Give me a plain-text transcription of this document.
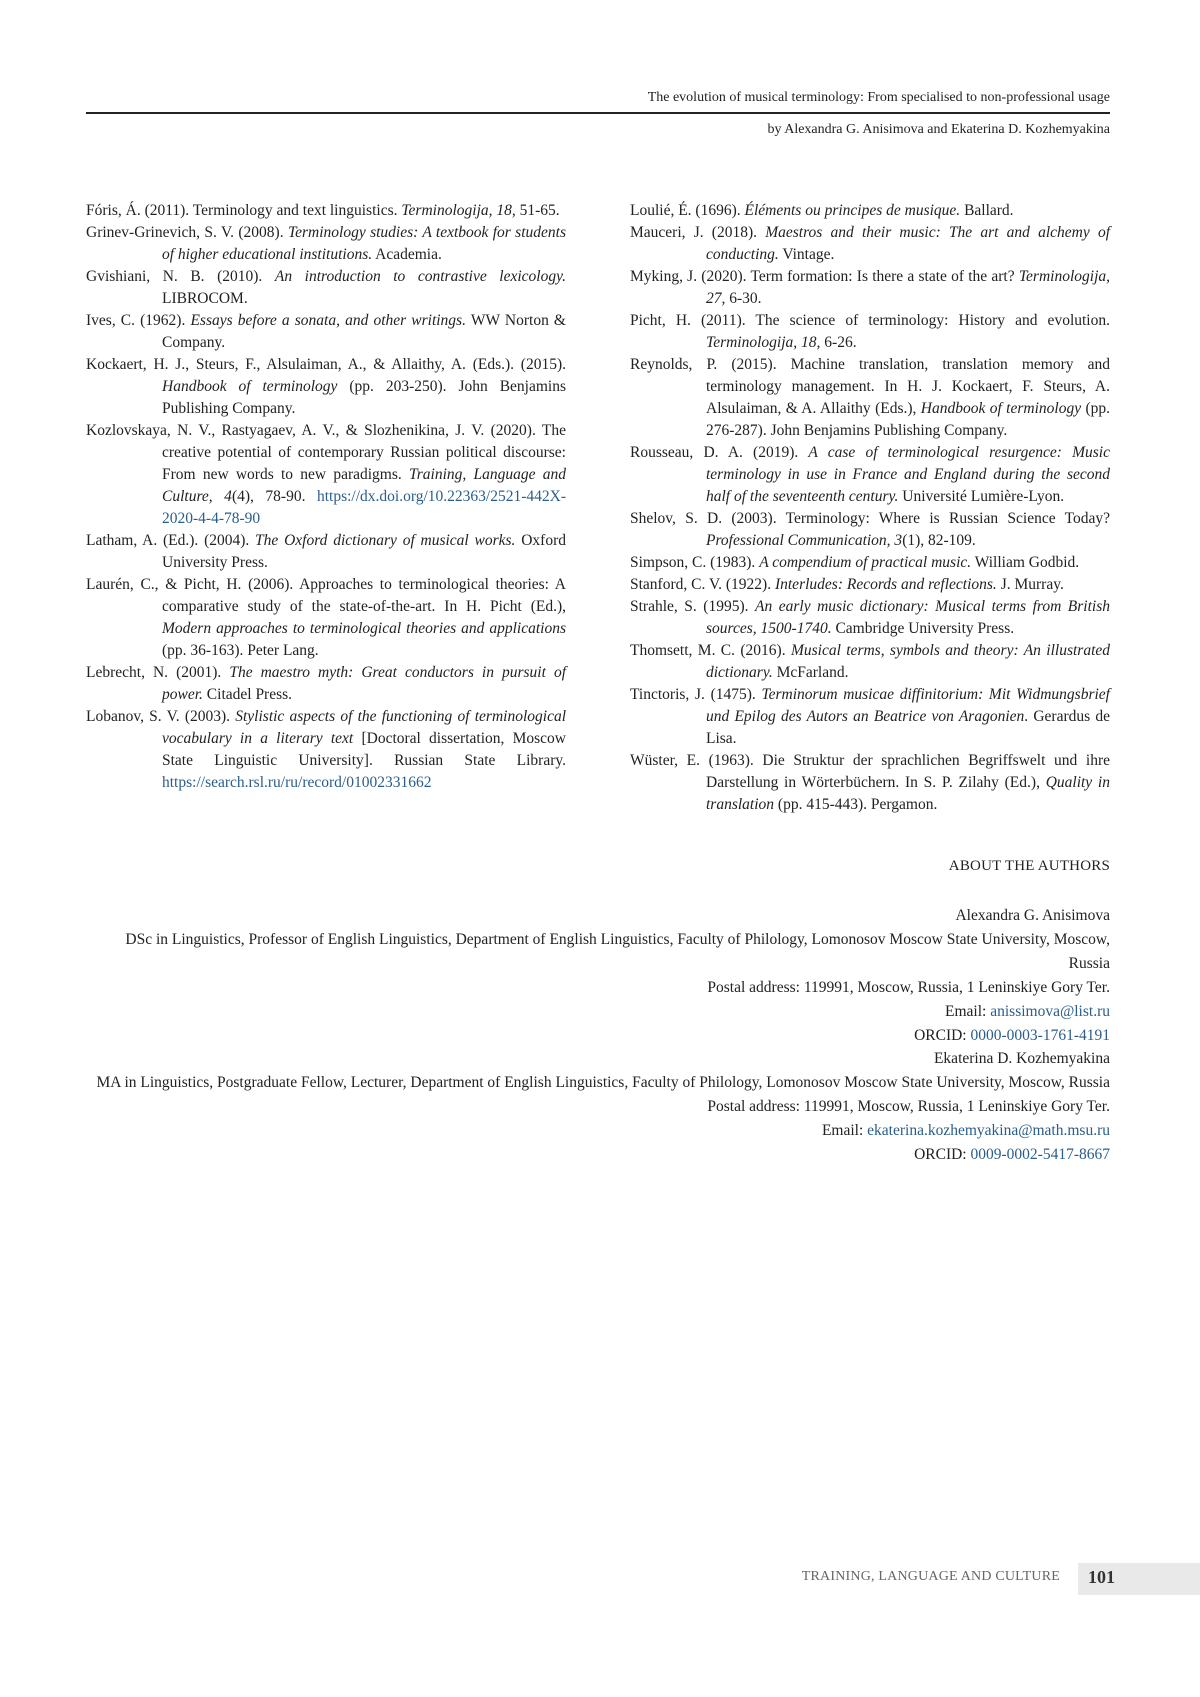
The evolution of musical terminology: From specialised to non-professional usage
by Alexandra G. Anisimova and Ekaterina D. Kozhemyakina

Fóris, Á. (2011). Terminology and text linguistics. Terminologija, 18, 51-65.

Grinev-Grinevich, S. V. (2008). Terminology studies: A textbook for students of higher educational institutions. Academia.

Gvishiani, N. B. (2010). An introduction to contrastive lexicology. LIBROCOM.

Ives, C. (1962). Essays before a sonata, and other writings. WW Norton & Company.

Kockaert, H. J., Steurs, F., Alsulaiman, A., & Allaithy, A. (Eds.). (2015). Handbook of terminology (pp. 203-250). John Benjamins Publishing Company.

Kozlovskaya, N. V., Rastyagaev, A. V., & Slozhenikina, J. V. (2020). The creative potential of contemporary Russian political discourse: From new words to new paradigms. Training, Language and Culture, 4(4), 78-90. https://dx.doi.org/10.22363/2521-442X-2020-4-4-78-90

Latham, A. (Ed.). (2004). The Oxford dictionary of musical works. Oxford University Press.

Laurén, C., & Picht, H. (2006). Approaches to terminological theories: A comparative study of the state-of-the-art. In H. Picht (Ed.), Modern approaches to terminological theories and applications (pp. 36-163). Peter Lang.

Lebrecht, N. (2001). The maestro myth: Great conductors in pursuit of power. Citadel Press.

Lobanov, S. V. (2003). Stylistic aspects of the functioning of terminological vocabulary in a literary text [Doctoral dissertation, Moscow State Linguistic University]. Russian State Library. https://search.rsl.ru/ru/record/01002331662

Loulié, É. (1696). Éléments ou principes de musique. Ballard.

Mauceri, J. (2018). Maestros and their music: The art and alchemy of conducting. Vintage.

Myking, J. (2020). Term formation: Is there a state of the art? Terminologija, 27, 6-30.

Picht, H. (2011). The science of terminology: History and evolution. Terminologija, 18, 6-26.

Reynolds, P. (2015). Machine translation, translation memory and terminology management. In H. J. Kockaert, F. Steurs, A. Alsulaiman, & A. Allaithy (Eds.), Handbook of terminology (pp. 276-287). John Benjamins Publishing Company.

Rousseau, D. A. (2019). A case of terminological resurgence: Music terminology in use in France and England during the second half of the seventeenth century. Université Lumière-Lyon.

Shelov, S. D. (2003). Terminology: Where is Russian Science Today? Professional Communication, 3(1), 82-109.

Simpson, C. (1983). A compendium of practical music. William Godbid.

Stanford, C. V. (1922). Interludes: Records and reflections. J. Murray.

Strahle, S. (1995). An early music dictionary: Musical terms from British sources, 1500-1740. Cambridge University Press.

Thomsett, M. C. (2016). Musical terms, symbols and theory: An illustrated dictionary. McFarland.

Tinctoris, J. (1475). Terminorum musicae diffinitorium: Mit Widmungsbrief und Epilog des Autors an Beatrice von Aragonien. Gerardus de Lisa.

Wüster, E. (1963). Die Struktur der sprachlichen Begriffswelt und ihre Darstellung in Wörterbüchern. In S. P. Zilahy (Ed.), Quality in translation (pp. 415-443). Pergamon.

ABOUT THE AUTHORS
Alexandra G. Anisimova
DSc in Linguistics, Professor of English Linguistics, Department of English Linguistics, Faculty of Philology, Lomonosov Moscow State University, Moscow, Russia
Postal address: 119991, Moscow, Russia, 1 Leninskiye Gory Ter.
Email: anissimova@list.ru
ORCID: 0000-0003-1761-4191
Ekaterina D. Kozhemyakina
MA in Linguistics, Postgraduate Fellow, Lecturer, Department of English Linguistics, Faculty of Philology, Lomonosov Moscow State University, Moscow, Russia
Postal address: 119991, Moscow, Russia, 1 Leninskiye Gory Ter.
Email: ekaterina.kozhemyakina@math.msu.ru
ORCID: 0009-0002-5417-8667
TRAINING, LANGUAGE AND CULTURE 101
